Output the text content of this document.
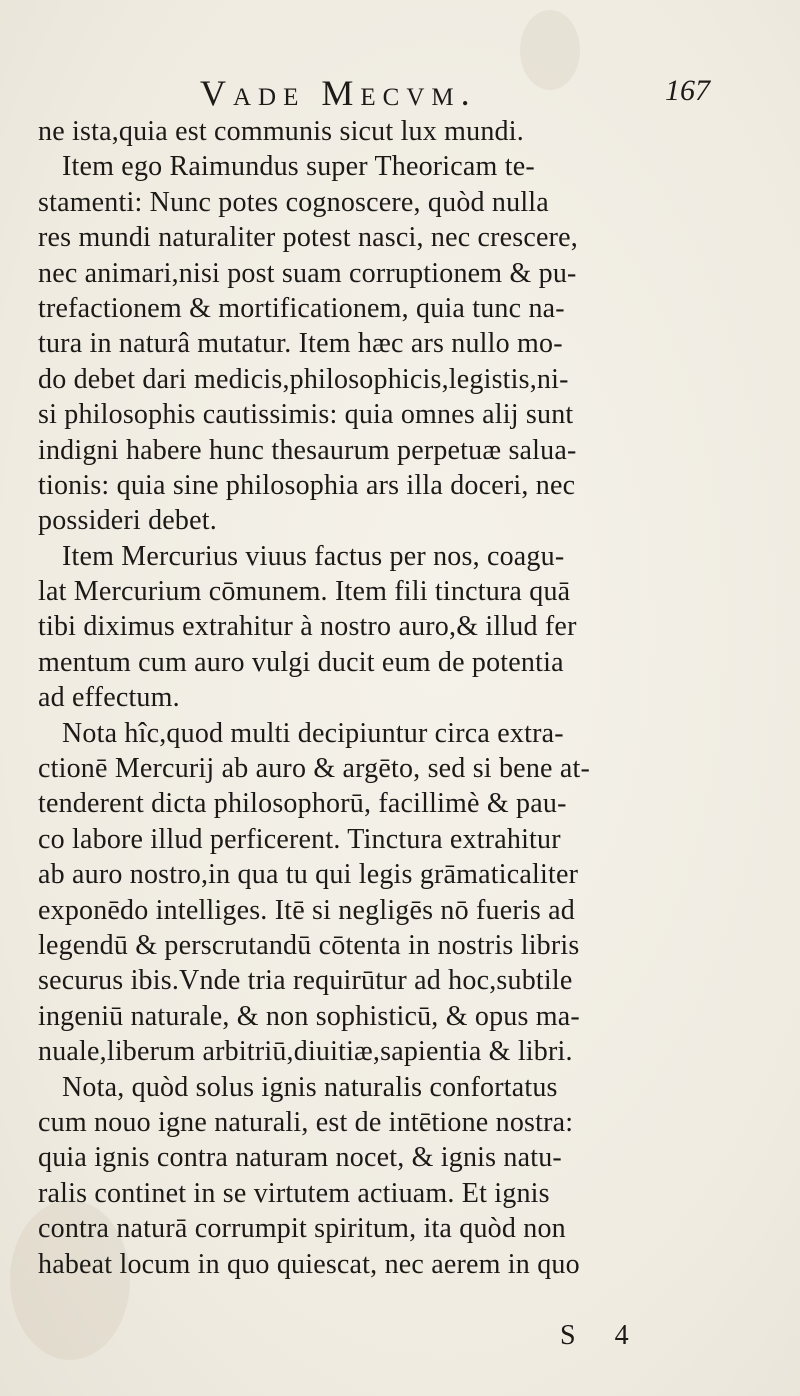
Vade Mecvm.	167
ne ista,quia est communis sicut lux mundi.
Item ego Raimundus super Theoricam te-
stamenti: Nunc potes cognoscere, quòd nulla
res mundi naturaliter potest nasci, nec crescere,
nec animari,nisi post suam corruptionem & pu-
trefactionem & mortificationem, quia tunc na-
tura in naturâ mutatur. Item hæc ars nullo mo-
do debet dari medicis,philosophicis,legistis,ni-
si philosophis cautissimis: quia omnes alij sunt
indigni habere hunc thesaurum perpetuæ salua-
tionis: quia sine philosophia ars illa doceri, nec
possideri debet.
Item Mercurius viuus factus per nos, coagu-
lat Mercurium cōmunem. Item fili tinctura quā
tibi diximus extrahitur à nostro auro,& illud fer
mentum cum auro vulgi ducit eum de potentia
ad effectum.
Nota hîc,quod multi decipiuntur circa extra-
ctionē Mercurij ab auro & argēto, sed si bene at-
tenderent dicta philosophorū, facillimè & pau-
co labore illud perficerent. Tinctura extrahitur
ab auro nostro,in qua tu qui legis grāmaticaliter
exponēdo intelliges. Itē si negligēs nō fueris ad
legendū & perscrutandū cōtenta in nostris libris
securus ibis.Vnde tria requirūtur ad hoc,subtile
ingeniū naturale, & non sophisticū, & opus ma-
nuale,liberum arbitriū,diuitiæ,sapientia & libri.
Nota, quòd solus ignis naturalis confortatus
cum nouo igne naturali, est de intētione nostra:
quia ignis contra naturam nocet, & ignis natu-
ralis continet in se virtutem actiuam. Et ignis
contra naturā corrumpit spiritum, ita quòd non
habeat locum in quo quiescat, nec aerem in quo
S 4
